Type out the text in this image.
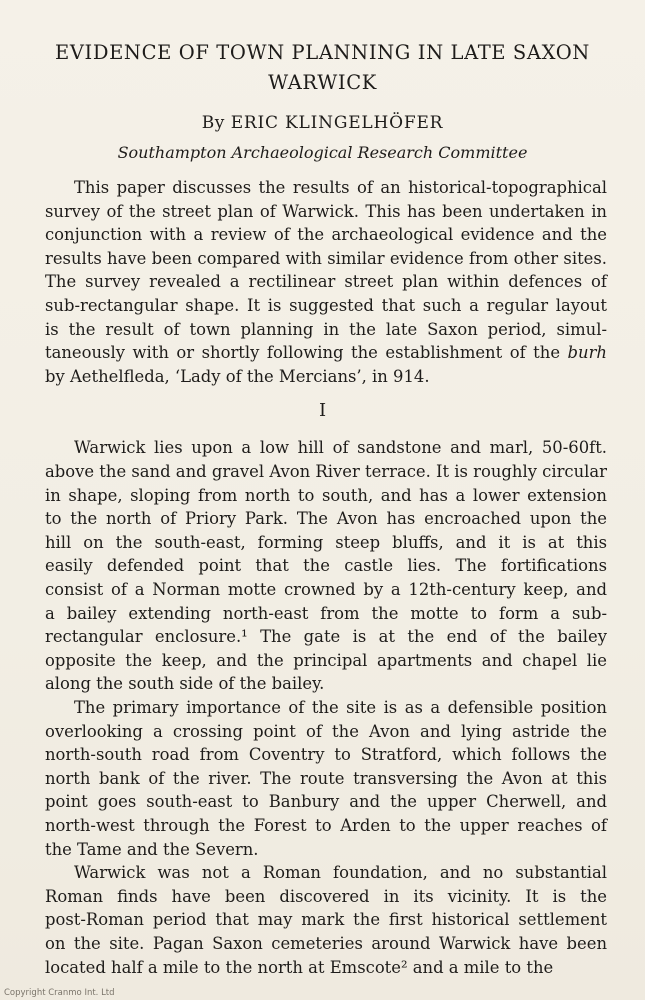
EVIDENCE OF TOWN PLANNING IN LATE SAXON
WARWICK
By ERIC KLINGELHÖFER
Southampton Archaeological Research Committee
This paper discusses the results of an historical-topographical
survey of the street plan of Warwick. This has been undertaken in
conjunction with a review of the archaeological evidence and the
results have been compared with similar evidence from other sites.
The survey revealed a rectilinear street plan within defences of
sub-rectangular shape. It is suggested that such a regular layout
is the result of town planning in the late Saxon period, simul-
taneously with or shortly following the establishment of the burh
by Aethelfleda, ‘Lady of the Mercians’, in 914.
I
Warwick lies upon a low hill of sandstone and marl, 50-60ft.
above the sand and gravel Avon River terrace. It is roughly circular
in shape, sloping from north to south, and has a lower extension
to the north of Priory Park. The Avon has encroached upon the
hill on the south-east, forming steep bluffs, and it is at this
easily defended point that the castle lies. The fortifications
consist of a Norman motte crowned by a 12th-century keep, and
a bailey extending north-east from the motte to form a sub-
rectangular enclosure.¹ The gate is at the end of the bailey
opposite the keep, and the principal apartments and chapel lie
along the south side of the bailey.
The primary importance of the site is as a defensible position
overlooking a crossing point of the Avon and lying astride the
north-south road from Coventry to Stratford, which follows the
north bank of the river. The route transversing the Avon at this
point goes south-east to Banbury and the upper Cherwell, and
north-west through the Forest to Arden to the upper reaches of
the Tame and the Severn.
Warwick was not a Roman foundation, and no substantial
Roman finds have been discovered in its vicinity. It is the
Copyright Cranmo Int. Ltd
post-Roman period that may mark the first historical settlement
on the site. Pagan Saxon cemeteries around Warwick have been
located half a mile to the north at Emscote² and a mile to the
